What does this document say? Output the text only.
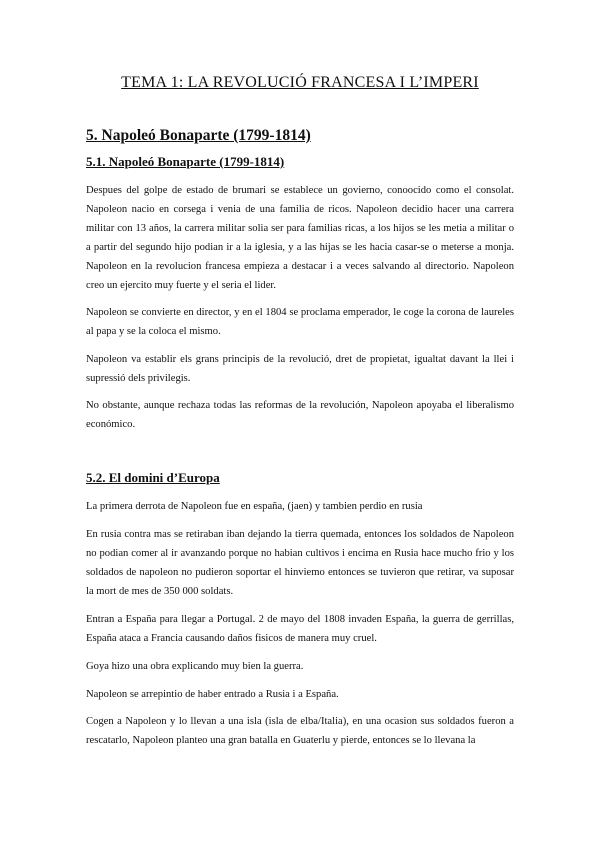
TEMA 1: LA REVOLUCIÓ FRANCESA I L’IMPERI
5. Napoleó Bonaparte (1799-1814)
5.1. Napoleó Bonaparte (1799-1814)

Despues del golpe de estado de brumari se establece un govierno, conoocido como el consolat. Napoleon nacio en corsega i venia de una familia de ricos. Napoleon decidio hacer una carrera militar con 13 años, la carrera militar solia ser para familias ricas, a los hijos se les metia a militar o a partir del segundo hijo podian ir a la iglesia, y a las hijas se les hacia casar-se o meterse a monja. Napoleon en la revolucion francesa empieza a destacar i a veces salvando al directorio. Napoleon creo un ejercito muy fuerte y el seria el lider.

Napoleon se convierte en director, y en el 1804 se proclama emperador, le coge la corona de laureles al papa y se la coloca el mismo.

Napoleon va establir els grans principis de la revolució, dret de propietat, igualtat davant la llei i supressió dels privilegis.

No obstante, aunque rechaza todas las reformas de la revolución, Napoleon apoyaba el liberalismo económico.

5.2. El domini d’Europa

La primera derrota de Napoleon fue en españa, (jaen) y tambien perdio en rusia

En rusia contra mas se retiraban iban dejando la tierra quemada, entonces los soldados de Napoleon no podian comer al ir avanzando porque no habian cultivos i encima en Rusia hace mucho frio y los soldados de napoleon no pudieron soportar el hinviemo entonces se tuvieron que retirar, va suposar la mort de mes de 350 000 soldats.

Entran a España para llegar a Portugal. 2 de mayo del 1808 invaden España, la guerra de gerrillas, España ataca a Francia causando daños fisicos de manera muy cruel.

Goya hizo una obra explicando muy bien la guerra.

Napoleon se arrepintio de haber entrado a Rusia i a España.

Cogen a Napoleon y lo llevan a una isla (isla de elba/Italia), en una ocasion sus soldados fueron a rescatarlo, Napoleon planteo una gran batalla en Guaterlu y pierde, entonces se lo llevana la
